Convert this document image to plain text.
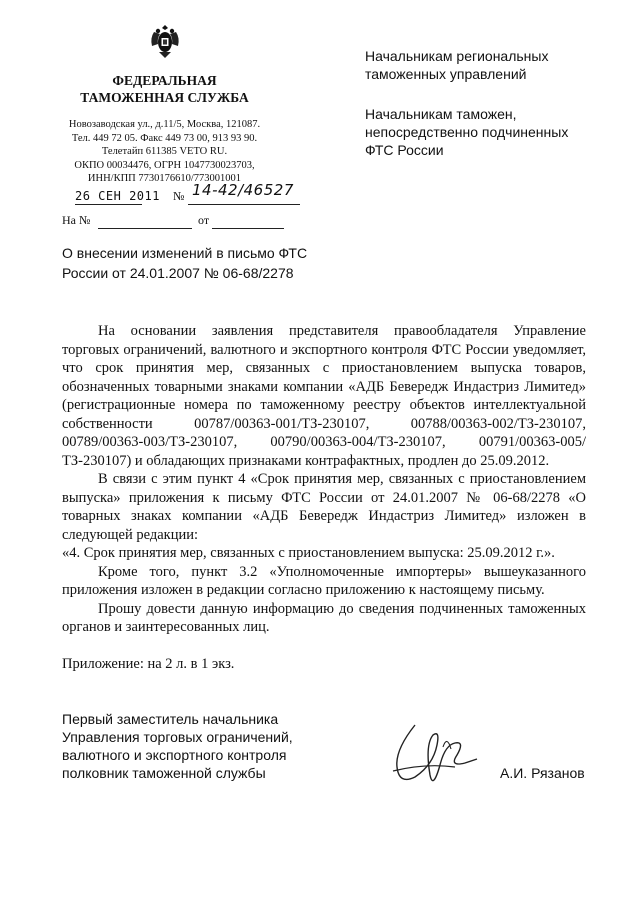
ФЕДЕРАЛЬНАЯ
ТАМОЖЕННАЯ СЛУЖБА
Новозаводская ул., д.11/5, Москва, 121087.
Тел. 449 72 05. Факс 449 73 00, 913 93 90.
Телетайп 611385 VETO RU.
ОКПО 00034476, ОГРН 1047730023703,
ИНН/КПП 7730176610/773001001
Начальникам региональных
таможенных управлений
Начальникам таможен,
непосредственно подчиненных
ФТС России
26 СЕН 2011 № 14-42/46527
На №	от
О внесении изменений в письмо ФТС
России от 24.01.2007 № 06-68/2278

На основании заявления представителя правообладателя Управление торговых ограничений, валютного и экспортного контроля ФТС России уведомляет, что срок принятия мер, связанных с приостановлением выпуска товаров, обозначенных товарными знаками компании «АДБ Бевередж Индастриз Лимитед» (регистрационные номера по таможенному реестру объектов интеллектуальной собственности 00787/00363-001/ТЗ-230107, 00788/00363-002/ТЗ-230107, 00789/00363-003/ТЗ-230107, 00790/00363-004/ТЗ-230107, 00791/00363-005/ТЗ-230107) и обладающих признаками контрафактных, продлен до 25.09.2012.

В связи с этим пункт 4 «Срок принятия мер, связанных с приостановлением выпуска» приложения к письму ФТС России от 24.01.2007 № 06-68/2278 «О товарных знаках компании «АДБ Бевередж Индастриз Лимитед» изложен в следующей редакции:

«4. Срок принятия мер, связанных с приостановлением выпуска: 25.09.2012 г.».

Кроме того, пункт 3.2 «Уполномоченные импортеры» вышеуказанного приложения изложен в редакции согласно приложению к настоящему письму.

Прошу довести данную информацию до сведения подчиненных таможенных органов и заинтересованных лиц.

Приложение: на 2 л. в 1 экз.
Первый заместитель начальника
Управления торговых ограничений,
валютного и экспортного контроля
полковник таможенной службы	А.И. Рязанов
